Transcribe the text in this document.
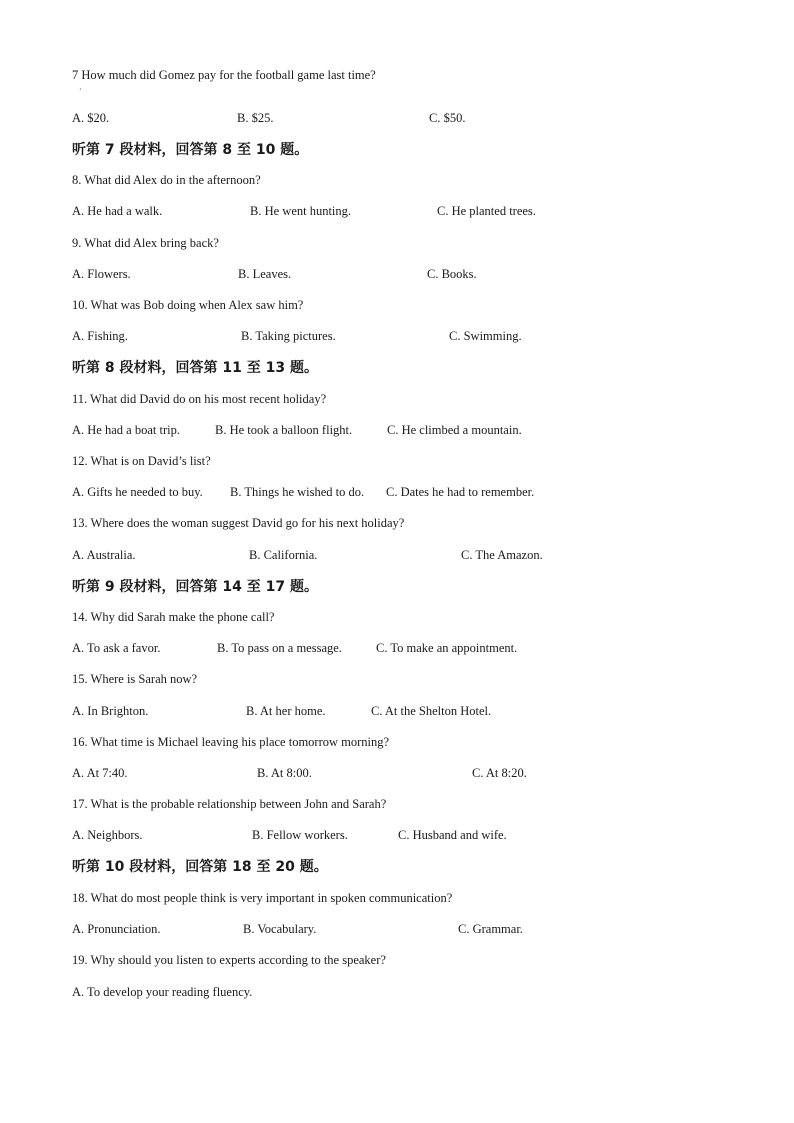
·
7 How much did Gomez pay for the football game last time?
A. $20.	B. $25.	C. $50.
听第 7 段材料，回答第 8 至 10 题。
8. What did Alex do in the afternoon?
A. He had a walk.	B. He went hunting.	C. He planted trees.
9. What did Alex bring back?
A. Flowers.	B. Leaves.	C. Books.
10. What was Bob doing when Alex saw him?
A. Fishing.	B. Taking pictures.	C. Swimming.
听第 8 段材料，回答第 11 至 13 题。
11. What did David do on his most recent holiday?
A. He had a boat trip.	B. He took a balloon flight.	C. He climbed a mountain.
12. What is on David’s list?
A. Gifts he needed to buy. B. Things he wished to do. C. Dates he had to remember.
13. Where does the woman suggest David go for his next holiday?
A. Australia.	B. California.	C. The Amazon.
听第 9 段材料，回答第 14 至 17 题。
14. Why did Sarah make the phone call?
A. To ask a favor.	B. To pass on a message.	C. To make an appointment.
15. Where is Sarah now?
A. In Brighton.	B. At her home.	C. At the Shelton Hotel.
16. What time is Michael leaving his place tomorrow morning?
A. At 7:40.	B. At 8:00.	C. At 8:20.
17. What is the probable relationship between John and Sarah?
A. Neighbors.	B. Fellow workers.	C. Husband and wife.
听第 10 段材料，回答第 18 至 20 题。
18. What do most people think is very important in spoken communication?
A. Pronunciation.	B. Vocabulary.	C. Grammar.
19. Why should you listen to experts according to the speaker?
A. To develop your reading fluency.
